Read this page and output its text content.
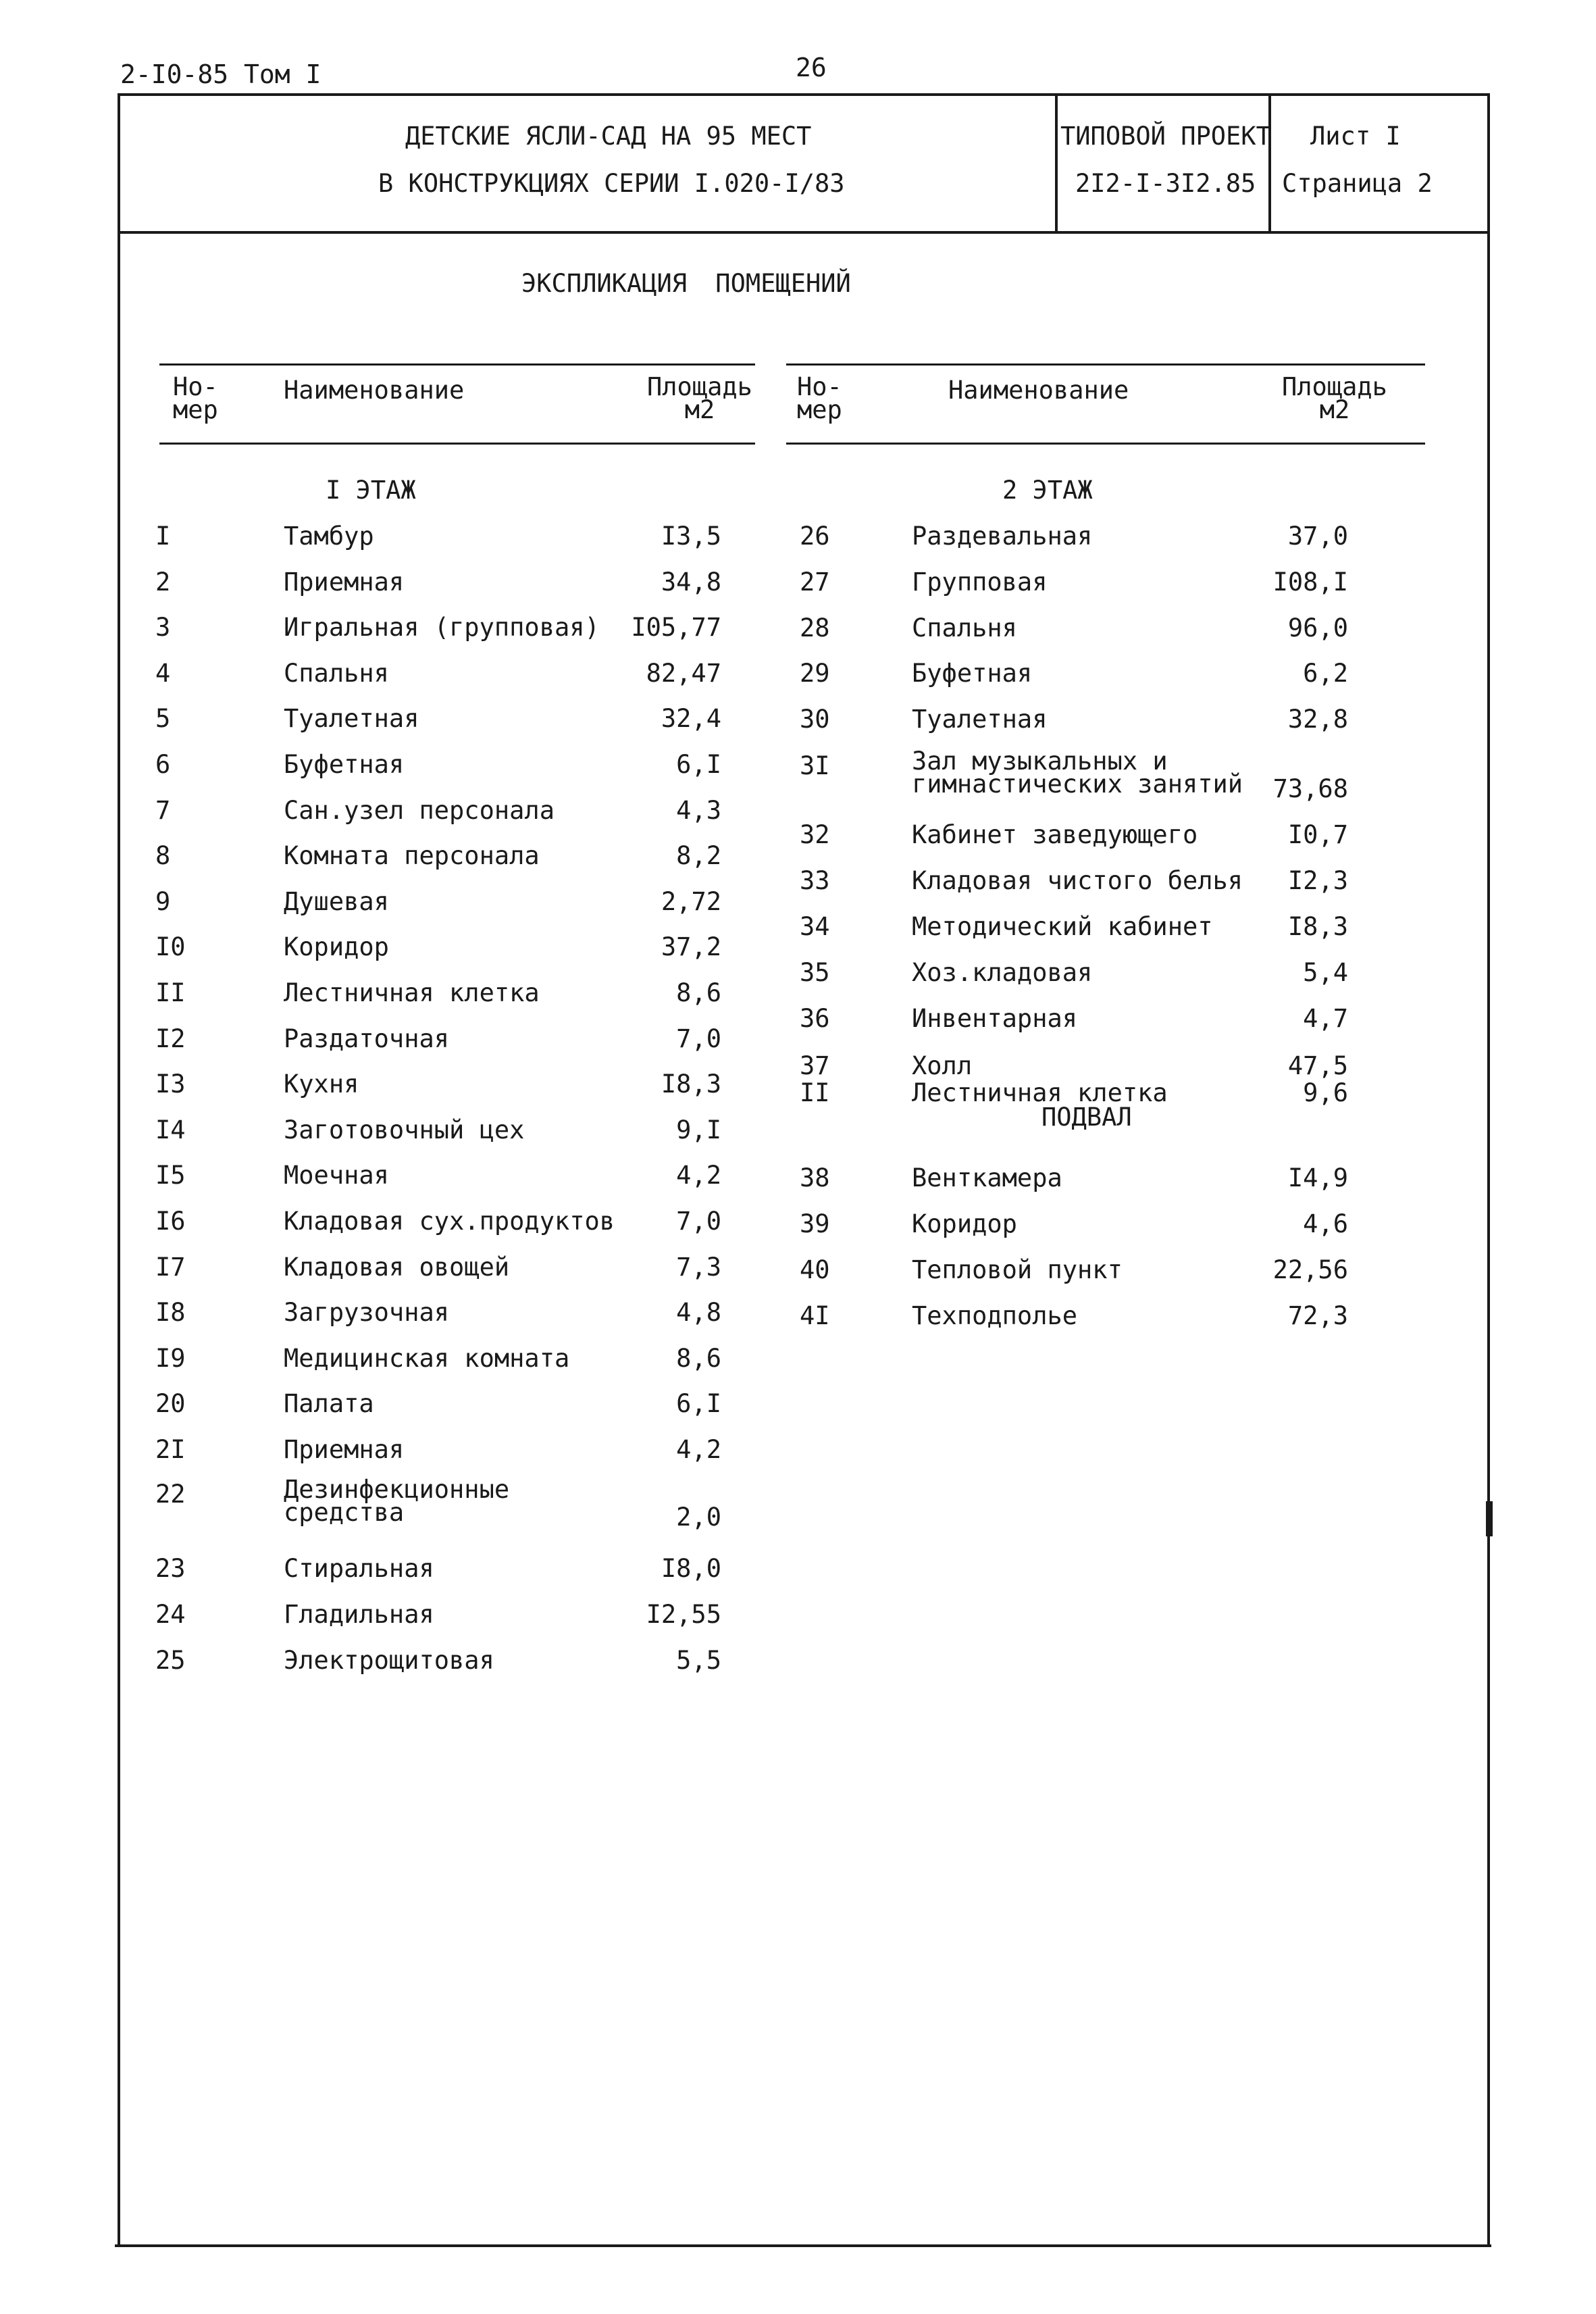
2-I0-85 Том I	26
ДЕТСКИЕ ЯСЛИ-САД НА 95 МЕСТ
В КОНСТРУКЦИЯХ СЕРИИ I.020-I/83
ТИПОВОЙ ПРОЕКТ
2I2-I-3I2.85
Лист I
Страница 2
ЭКСПЛИКАЦИЯ ПОМЕЩЕНИЙ
Но-
мер
Наименование	Площадь
м2
Но-
мер
Наименование	Площадь
м2
I ЭТАЖ	2 ЭТАЖ
ПОДВАЛ
I	Тамбур	I3,5
2	Приемная	34,8
3	Игральная (групповая)	I05,77
4	Спальня	82,47
5	Туалетная	32,4
6	Буфетная	6,I
7	Сан.узел персонала	4,3
8	Комната персонала	8,2
9	Душевая	2,72
I0	Коридор	37,2
II	Лестничная клетка	8,6
I2	Раздаточная	7,0
I3	Кухня	I8,3
I4	Заготовочный цех	9,I
I5	Моечная	4,2
I6	Кладовая сух.продуктов	7,0
I7	Кладовая овощей	7,3
I8	Загрузочная	4,8
I9	Медицинская комната	8,6
20	Палата	6,I
2I	Приемная	4,2
22	Дезинфекционные
средства	2,0
23	Стиральная	I8,0
24	Гладильная	I2,55
25	Электрощитовая	5,5
26	Раздевальная	37,0
27	Групповая	I08,I
28	Спальня	96,0
29	Буфетная	6,2
30	Туалетная	32,8
3I	Зал музыкальных и
гимнастических занятий	73,68
32	Кабинет заведующего	I0,7
33	Кладовая чистого белья	I2,3
34	Методический кабинет	I8,3
35	Хоз.кладовая	5,4
36	Инвентарная	4,7
37	Холл	47,5
II	Лестничная клетка	9,6
38	Венткамера	I4,9
39	Коридор	4,6
40	Тепловой пункт	22,56
4I	Техподполье	72,3
